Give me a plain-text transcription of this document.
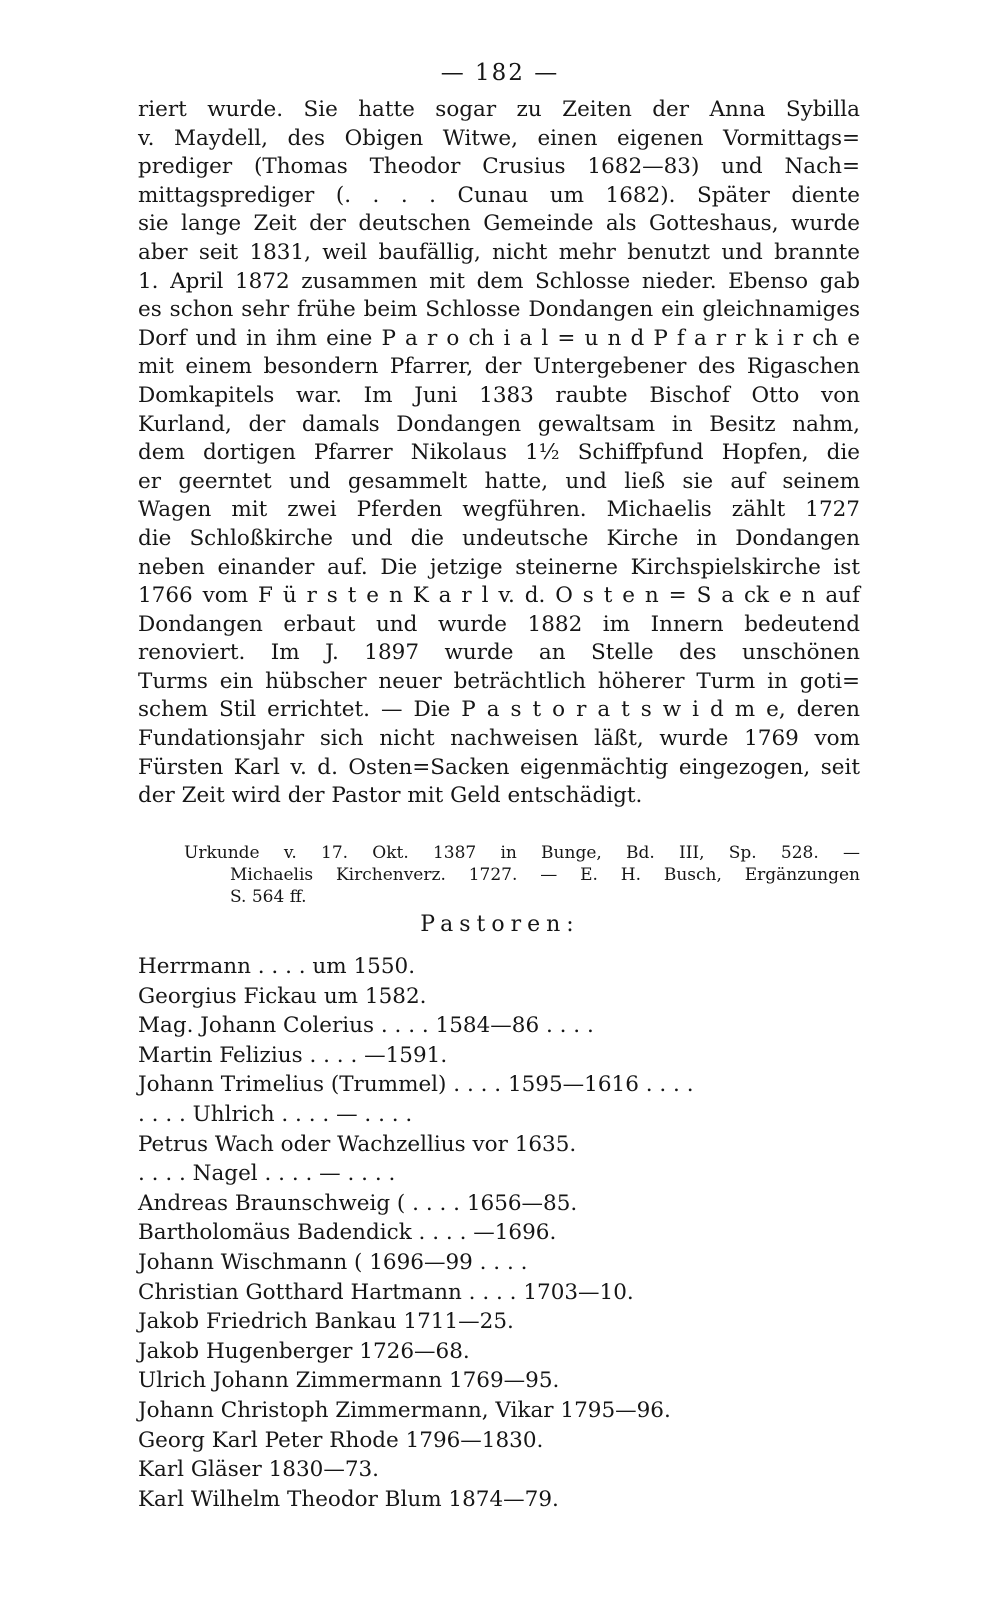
— 182 —
riert wurde. Sie hatte sogar zu Zeiten der Anna Sybilla
v. Maydell, des Obigen Witwe, einen eigenen Vormittags=
prediger (Thomas Theodor Crusius 1682—83) und Nach=
mittagsprediger (. . . . Cunau um 1682). Später diente
sie lange Zeit der deutschen Gemeinde als Gotteshaus, wurde
aber seit 1831, weil baufällig, nicht mehr benutzt und brannte
1. April 1872 zusammen mit dem Schlosse nieder. Ebenso gab
es schon sehr frühe beim Schlosse Dondangen ein gleichnamiges
Dorf und in ihm eine P a r o ch i a l = u n d P f a r r k i r ch e
mit einem besondern Pfarrer, der Untergebener des Rigaschen
Domkapitels war. Im Juni 1383 raubte Bischof Otto von
Kurland, der damals Dondangen gewaltsam in Besitz nahm,
dem dortigen Pfarrer Nikolaus 1½ Schiffpfund Hopfen, die
er geerntet und gesammelt hatte, und ließ sie auf seinem
Wagen mit zwei Pferden wegführen. Michaelis zählt 1727
die Schloßkirche und die undeutsche Kirche in Dondangen
neben einander auf. Die jetzige steinerne Kirchspielskirche ist
1766 vom F ü r s t e n K a r l v. d. O s t e n = S a ck e n auf
Dondangen erbaut und wurde 1882 im Innern bedeutend
renoviert. Im J. 1897 wurde an Stelle des unschönen
Turms ein hübscher neuer beträchtlich höherer Turm in goti=
schem Stil errichtet. — Die P a s t o r a t s w i d m e, deren
Fundationsjahr sich nicht nachweisen läßt, wurde 1769 vom
Fürsten Karl v. d. Osten=Sacken eigenmächtig eingezogen, seit
der Zeit wird der Pastor mit Geld entschädigt.
Urkunde v. 17. Okt. 1387 in Bunge, Bd. III, Sp. 528. —
Michaelis Kirchenverz. 1727. — E. H. Busch, Ergänzungen
S. 564 ff.
Pastoren:
Herrmann . . . . um 1550.
Georgius Fickau um 1582.
Mag. Johann Colerius . . . . 1584—86 . . . .
Martin Felizius . . . . —1591.
Johann Trimelius (Trummel) . . . . 1595—1616 . . . .
. . . . Uhlrich . . . . — . . . .
Petrus Wach oder Wachzellius vor 1635.
. . . . Nagel . . . . — . . . .
Andreas Braunschweig ( . . . . 1656—85.
Bartholomäus Badendick . . . . —1696.
Johann Wischmann ( 1696—99 . . . .
Christian Gotthard Hartmann . . . . 1703—10.
Jakob Friedrich Bankau 1711—25.
Jakob Hugenberger 1726—68.
Ulrich Johann Zimmermann 1769—95.
Johann Christoph Zimmermann, Vikar 1795—96.
Georg Karl Peter Rhode 1796—1830.
Karl Gläser 1830—73.
Karl Wilhelm Theodor Blum 1874—79.
